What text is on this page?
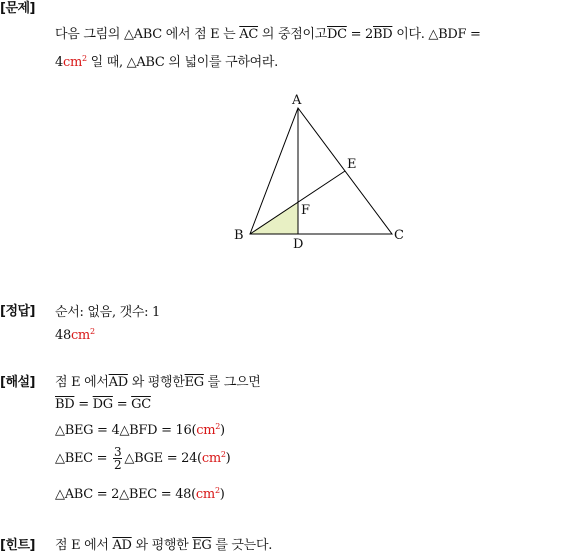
[문제]
다음 그림의 △ABC 에서 점 E 는 $\overline{AC}$ 의 중점이고$\overline{DC} = 2\overline{BD}$ 이다. △BDF =
$4cm^2$ 일 때, △ABC 의 넓이를 구하여라.
A
B	C
D
E
F
[정답] 순서: 없음, 갯수: 1
$48cm^2$
[해설] 점 E 에서$\overline{AD}$ 와 평행한$\overline{EG}$ 를 그으면
$\overline{BD} = \overline{DG} = \overline{GC}$
△BEG = 4△BFD = $16(cm^2)$
△BEC = $\frac{3}{2}$ △BGE = $24(cm^2)$
△ABC = 2△BEC = $48(cm^2)$
[힌트] 점 E 에서 $\overline{AD}$ 와 평행한 $\overline{EG}$ 를 긋는다.
